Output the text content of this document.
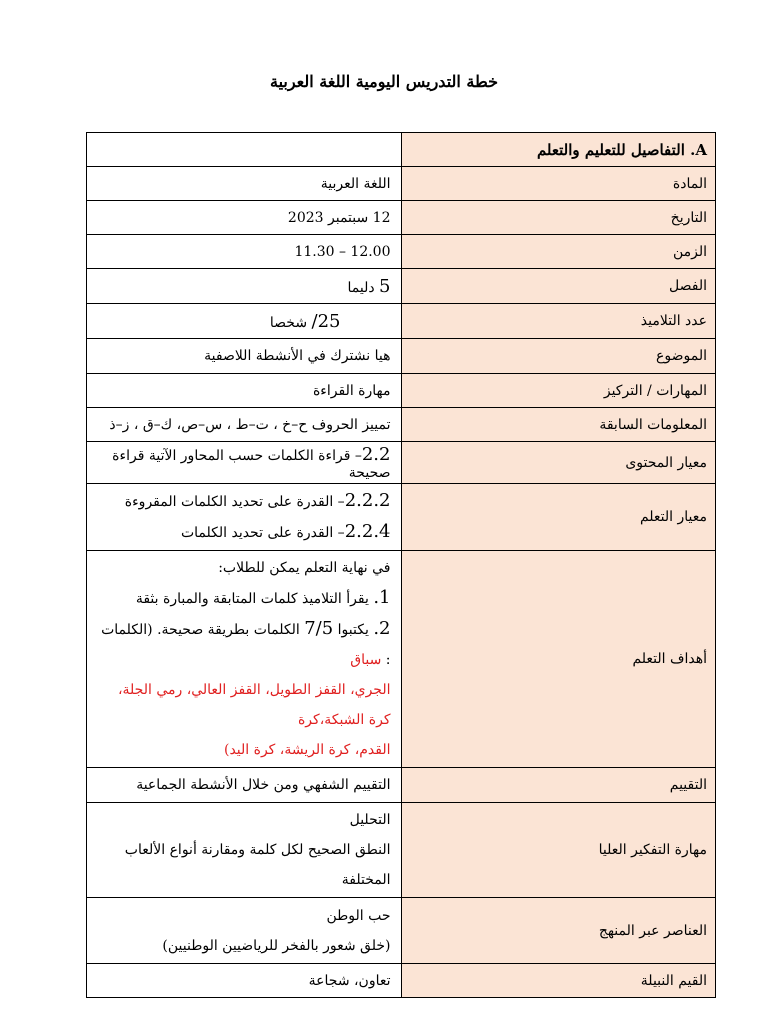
خطة التدريس اليومية اللغة العربية
A. التفاصيل للتعليم والتعلم	
المادة	اللغة العربية
التاريخ	12 سبتمبر 2023
الزمن	11.30 – 12.00
الفصل	5 دليما
عدد التلاميذ	/25 شخصا
الموضوع	هيا نشترك في الأنشطة اللاصفية
المهارات / التركيز	مهارة القراءة
المعلومات السابقة	تمييز الحروف ح–خ ، ت–ط ، س–ص، ك–ق ، ز–ذ
معيار المحتوى	2.2– قراءة الكلمات حسب المحاور الآتية قراءة صحيحة
معيار التعلم	2.2.2– القدرة على تحديد الكلمات المقروءة
2.2.4– القدرة على تحديد الكلمات

أهداف التعلم	في نهاية التعلم يمكن للطلاب:
1. يقرأ التلاميذ كلمات المتابقة والمبارة بثقة
2. يكتبوا 7/5 الكلمات بطريقة صحيحة. (الكلمات : سباق
الجري، القفز الطويل، القفز العالي، رمي الجلة، كرة الشبكة،كرة
القدم، كرة الريشة، كرة اليد)

التقييم	التقييم الشفهي ومن خلال الأنشطة الجماعية
مهارة التفكير العليا	التحليل
النطق الصحيح لكل كلمة ومقارنة أنواع الألعاب المختلفة

العناصر عبر المنهج	حب الوطن
(خلق شعور بالفخر للرياضيين الوطنيين)

القيم النبيلة	تعاون، شجاعة
